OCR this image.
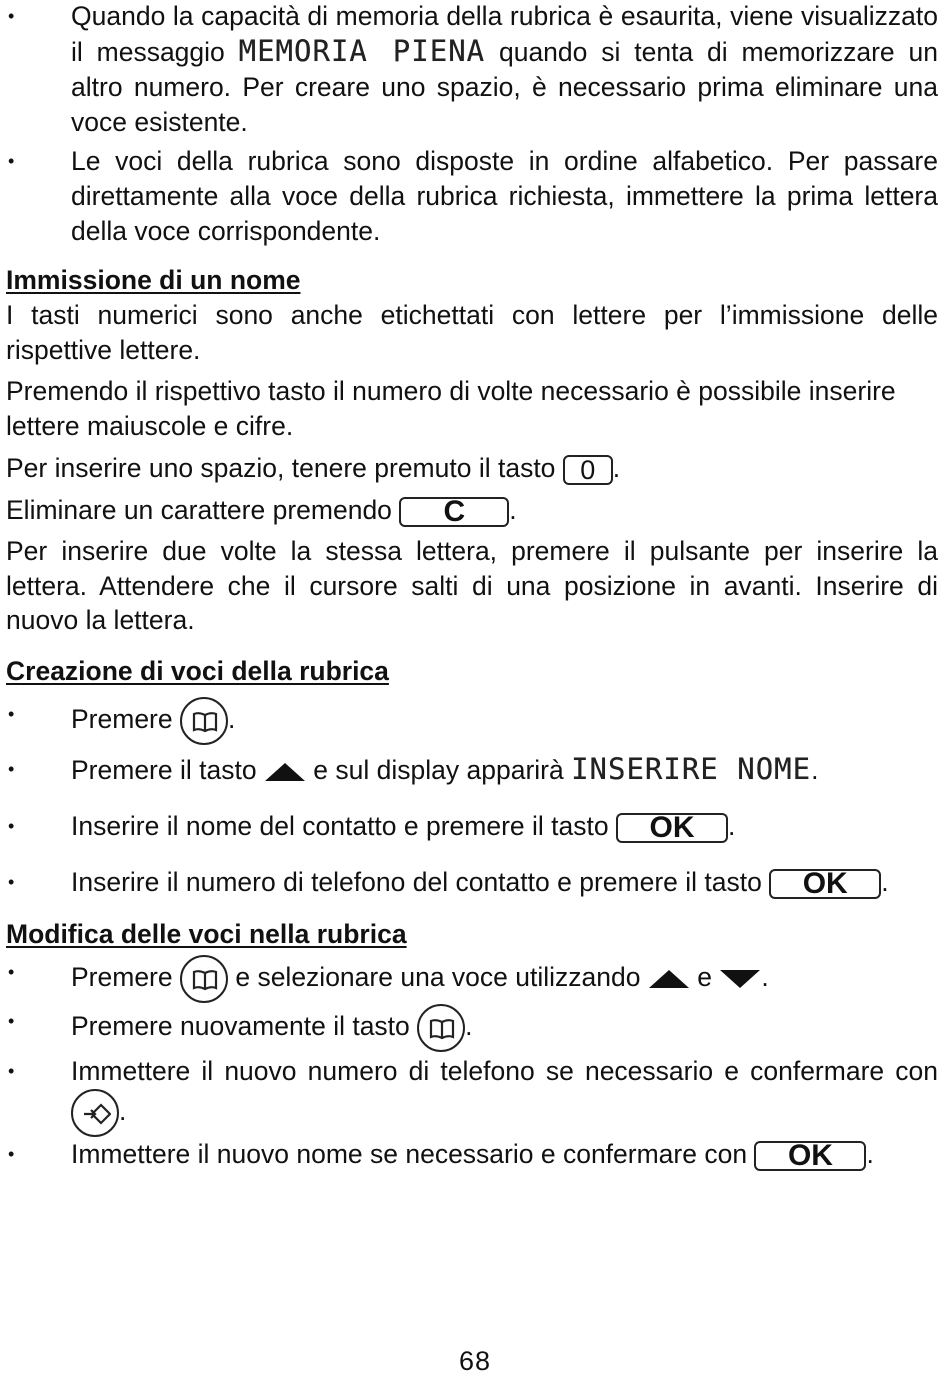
• Quando la capacità di memoria della rubrica è esaurita, viene visualizzato il messaggio MEMORIA PIENA quando si tenta di memorizzare un altro numero. Per creare uno spazio, è necessario prima eliminare una voce esistente.
• Le voci della rubrica sono disposte in ordine alfabetico. Per passare direttamente alla voce della rubrica richiesta, immettere la prima lettera della voce corrispondente.
Immissione di un nome

I tasti numerici sono anche etichettati con lettere per l’immissione delle rispettive lettere.

Premendo il rispettivo tasto il numero di volte necessario è possibile inserire lettere maiuscole e cifre.

Per inserire uno spazio, tenere premuto il tasto 0 .

Eliminare un carattere premendo C .

Per inserire due volte la stessa lettera, premere il pulsante per inserire la lettera. Attendere che il cursore salti di una posizione in avanti. Inserire di nuovo la lettera.

Creazione di voci della rubrica
• Premere
.
• Premere il tasto  e sul display apparirà INSERIRE NOME.
• Inserire il nome del contatto e premere il tasto OK .
• Inserire il numero di telefono del contatto e premere il tasto OK .
Modifica delle voci nella rubrica
• Premere
e selezionare una voce utilizzando  e .
• Premere nuovamente il tasto
.
• Immettere il nuovo numero di telefono se necessario e confermare con
.
• Immettere il nuovo nome se necessario e confermare con OK .
68
